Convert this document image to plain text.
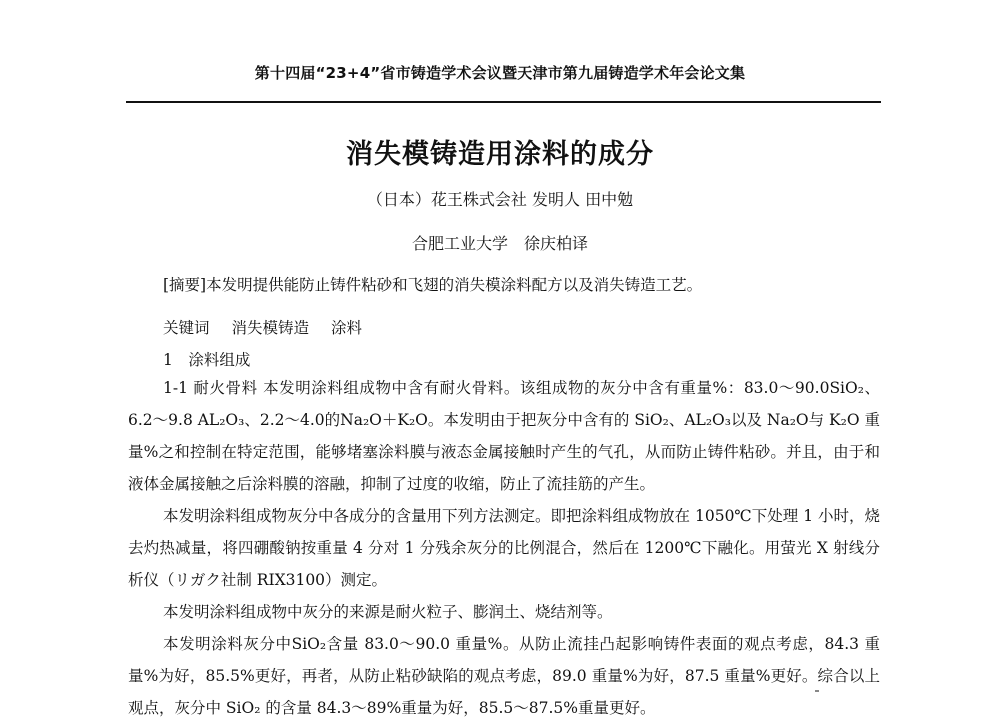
第十四届“23+4”省市铸造学术会议暨天津市第九届铸造学术年会论文集
消失模铸造用涂料的成分
（日本）花王株式会社 发明人 田中勉
合肥工业大学　徐庆柏译
[摘要]本发明提供能防止铸件粘砂和飞翅的消失模涂料配方以及消失铸造工艺。
关键词 消失模铸造 涂料
1　涂料组成
1-1 耐火骨料 本发明涂料组成物中含有耐火骨料。该组成物的灰分中含有重量%：83.0～90.0SiO₂、6.2～9.8 AL₂O₃、2.2～4.0的Na₂O＋K₂O。本发明由于把灰分中含有的 SiO₂、AL₂O₃以及 Na₂O与 K₂O 重量%之和控制在特定范围，能够堵塞涂料膜与液态金属接触时产生的气孔，从而防止铸件粘砂。并且，由于和液体金属接触之后涂料膜的溶融，抑制了过度的收缩，防止了流挂筋的产生。
本发明涂料组成物灰分中各成分的含量用下列方法测定。即把涂料组成物放在 1050℃下处理 1 小时，烧去灼热减量，将四硼酸钠按重量 4 分对 1 分残余灰分的比例混合，然后在 1200℃下融化。用萤光 X 射线分析仪（リガク社制 RIX3100）测定。
本发明涂料组成物中灰分的来源是耐火粒子、膨润土、烧结剂等。
本发明涂料灰分中SiO₂含量 83.0～90.0 重量%。从防止流挂凸起影响铸件表面的观点考虑，84.3 重量%为好，85.5%更好，再者，从防止粘砂缺陷的观点考虑，89.0 重量%为好，87.5 重量%更好。综合以上观点，灰分中 SiO₂ 的含量 84.3～89%重量为好，85.5～87.5%重量更好。
